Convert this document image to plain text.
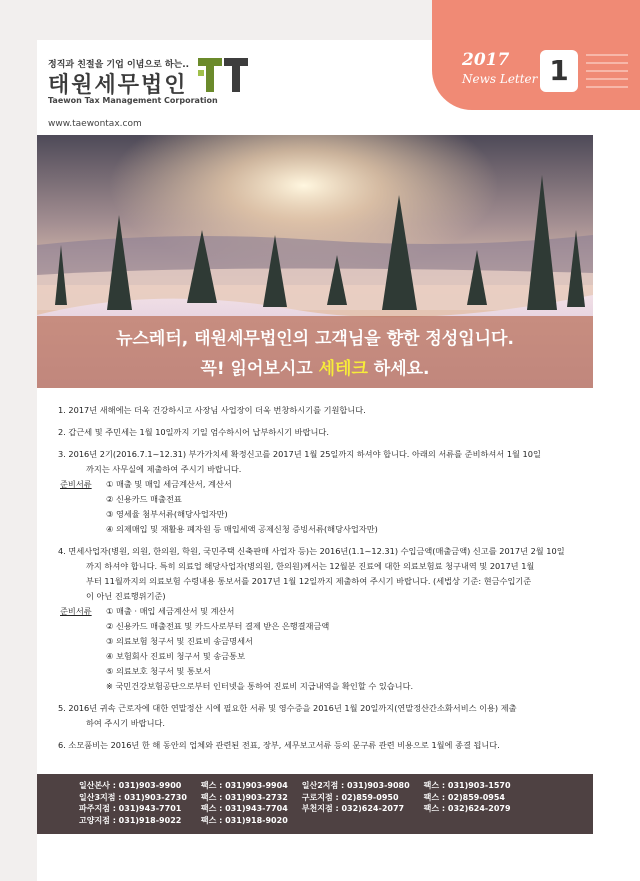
2017
News Letter 1
정직과 친절을 기업 이념으로 하는..
태원세무법인
Taewon Tax Management Corporation
www.taewontax.com
뉴스레터, 태원세무법인의 고객님을 향한 정성입니다.
꼭! 읽어보시고 세테크 하세요.
1. 2017년 새해에는 더욱 건강하시고 사장님 사업장이 더욱 번창하시기를 기원합니다.
2. 갑근세 및 주민세는 1월 10일까지 기일 엄수하시어 납부하시기 바랍니다.
3. 2016년 2기(2016.7.1~12.31) 부가가치세 확정신고를 2017년 1월 25일까지 하셔야 합니다. 아래의 서류를 준비하셔서 1월 10일
까지는 사무실에 제출하여 주시기 바랍니다.
준비서류 ① 매출 및 매입 세금계산서, 계산서
② 신용카드 매출전표
③ 영세율 첨부서류(해당사업자만)
④ 의제매입 및 재활용 폐자원 등 매입세액 공제신청 증빙서류(해당사업자만)
4. 면세사업자(병원, 의원, 한의원, 학원, 국민주택 신축판매 사업자 등)는 2016년(1.1~12.31) 수입금액(매출금액) 신고를 2017년 2월 10일
까지 하셔야 합니다. 특히 의료업 해당사업자(병의원, 한의원)께서는 12월분 진료에 대한 의료보험료 청구내역 및 2017년 1월
부터 11월까지의 의료보험 수령내용 통보서를 2017년 1월 12일까지 제출하여 주시기 바랍니다. (세법상 기준: 현금수입기준
이 아닌 진료행위기준)
준비서류 ① 매출 · 매입 세금계산서 및 계산서
② 신용카드 매출전표 및 카드사로부터 결제 받은 은행결재금액
③ 의료보험 청구서 및 진료비 송금명세서
④ 보험회사 진료비 청구서 및 송금통보
⑤ 의료보호 청구서 및 통보서
※ 국민건강보험공단으로부터 인터넷을 통하여 진료비 지급내역을 확인할 수 있습니다.
5. 2016년 귀속 근로자에 대한 연말정산 시에 필요한 서류 및 영수증을 2016년 1월 20일까지(연말정산간소화서비스 이용) 제출
하여 주시기 바랍니다.
6. 소모품비는 2016년 한 해 동안의 업체와 관련된 전표, 장부, 세무보고서류 등의 문구류 관련 비용으로 1월에 종결 됩니다.
일산본사 : 031)903-9900	팩스 : 031)903-9904	일산2지점 : 031)903-9080	팩스 : 031)903-1570
일산3지점 : 031)903-2730	팩스 : 031)903-2732	구로지점 : 02)859-0950	팩스 : 02)859-0954
파주지점 : 031)943-7701	팩스 : 031)943-7704	부천지점 : 032)624-2077	팩스 : 032)624-2079
고양지점 : 031)918-9022	팩스 : 031)918-9020		
